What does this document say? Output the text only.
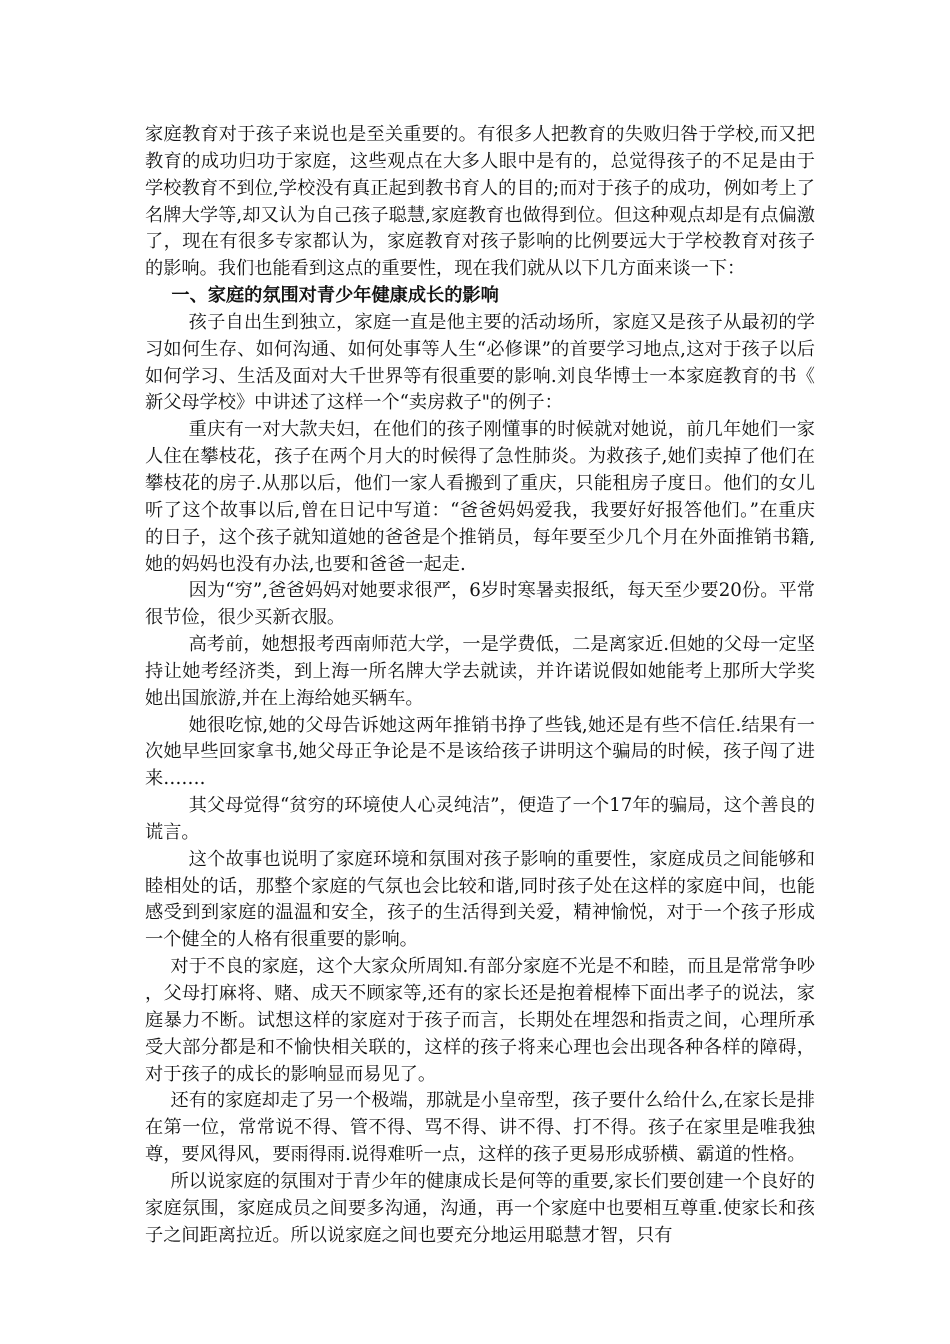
家庭教育对于孩子来说也是至关重要的。有很多人把教育的失败归咎于学校,而又把教育的成功归功于家庭，这些观点在大多人眼中是有的，总觉得孩子的不足是由于学校教育不到位,学校没有真正起到教书育人的目的;而对于孩子的成功，例如考上了名牌大学等,却又认为自己孩子聪慧,家庭教育也做得到位。但这种观点却是有点偏激了，现在有很多专家都认为，家庭教育对孩子影响的比例要远大于学校教育对孩子的影响。我们也能看到这点的重要性，现在我们就从以下几方面来谈一下：

一、家庭的氛围对青少年健康成长的影响

孩子自出生到独立，家庭一直是他主要的活动场所，家庭又是孩子从最初的学习如何生存、如何沟通、如何处事等人生“必修课”的首要学习地点,这对于孩子以后如何学习、生活及面对大千世界等有很重要的影响.刘良华博士一本家庭教育的书《新父母学校》中讲述了这样一个“卖房救子"的例子：

重庆有一对大款夫妇，在他们的孩子刚懂事的时候就对她说，前几年她们一家人住在攀枝花，孩子在两个月大的时候得了急性肺炎。为救孩子,她们卖掉了他们在攀枝花的房子.从那以后，他们一家人看搬到了重庆，只能租房子度日。他们的女儿听了这个故事以后,曾在日记中写道：“爸爸妈妈爱我，我要好好报答他们。”在重庆的日子，这个孩子就知道她的爸爸是个推销员，每年要至少几个月在外面推销书籍,她的妈妈也没有办法,也要和爸爸一起走.

因为“穷”,爸爸妈妈对她要求很严，6岁时寒暑卖报纸，每天至少要20份。平常很节俭，很少买新衣服。

高考前，她想报考西南师范大学，一是学费低，二是离家近.但她的父母一定坚持让她考经济类，到上海一所名牌大学去就读，并许诺说假如她能考上那所大学奖她出国旅游,并在上海给她买辆车。

她很吃惊,她的父母告诉她这两年推销书挣了些钱,她还是有些不信任.结果有一次她早些回家拿书,她父母正争论是不是该给孩子讲明这个骗局的时候，孩子闯了进来…….

其父母觉得“贫穷的环境使人心灵纯洁”，便造了一个17年的骗局，这个善良的谎言。

这个故事也说明了家庭环境和氛围对孩子影响的重要性，家庭成员之间能够和睦相处的话，那整个家庭的气氛也会比较和谐,同时孩子处在这样的家庭中间，也能感受到到家庭的温温和安全，孩子的生活得到关爱，精神愉悦，对于一个孩子形成一个健全的人格有很重要的影响。

对于不良的家庭，这个大家众所周知.有部分家庭不光是不和睦，而且是常常争吵，父母打麻将、赌、成天不顾家等,还有的家长还是抱着棍棒下面出孝子的说法，家庭暴力不断。试想这样的家庭对于孩子而言，长期处在埋怨和指责之间，心理所承受大部分都是和不愉快相关联的，这样的孩子将来心理也会出现各种各样的障碍，对于孩子的成长的影响显而易见了。

还有的家庭却走了另一个极端，那就是小皇帝型，孩子要什么给什么,在家长是排在第一位，常常说不得、管不得、骂不得、讲不得、打不得。孩子在家里是唯我独尊，要风得风，要雨得雨.说得难听一点，这样的孩子更易形成骄横、霸道的性格。

所以说家庭的氛围对于青少年的健康成长是何等的重要,家长们要创建一个良好的家庭氛围，家庭成员之间要多沟通，沟通，再一个家庭中也要相互尊重.使家长和孩子之间距离拉近。所以说家庭之间也要充分地运用聪慧才智，只有
